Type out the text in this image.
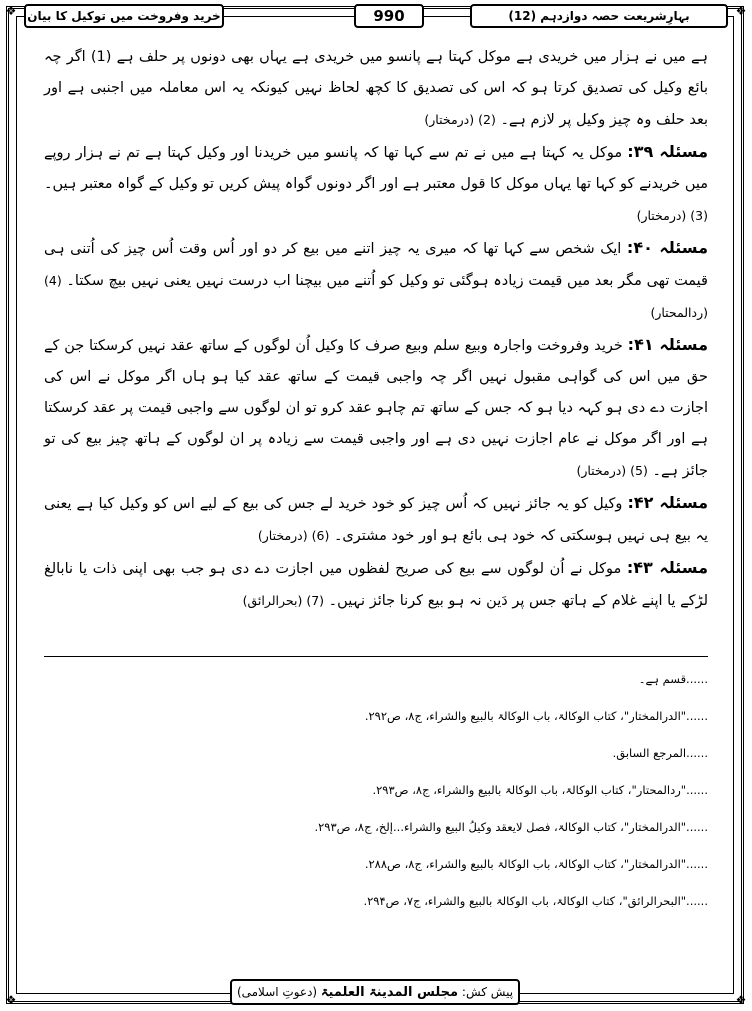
❖	❖
❖	❖
بہارِشریعت حصہ دوازدہم (12)
990
خرید وفروخت میں توکیل کا بیان

ہے میں نے ہزار میں خریدی ہے موکل کہتا ہے پانسو میں خریدی ہے یہاں بھی دونوں پر حلف ہے (1) اگر چہ بائع وکیل کی تصدیق کرتا ہو کہ اس کی تصدیق کا کچھ لحاظ نہیں کیونکہ یہ اس معاملہ میں اجنبی ہے اور بعد حلف وہ چیز وکیل پر لازم ہے۔ (2) (درمختار)

مسئلہ ۳۹: موکل یہ کہتا ہے میں نے تم سے کہا تھا کہ پانسو میں خریدنا اور وکیل کہتا ہے تم نے ہزار روپے میں خریدنے کو کہا تھا یہاں موکل کا قول معتبر ہے اور اگر دونوں گواہ پیش کریں تو وکیل کے گواہ معتبر ہیں۔ (3) (درمختار)

مسئلہ ۴۰: ایک شخص سے کہا تھا کہ میری یہ چیز اتنے میں بیع کر دو اور اُس وقت اُس چیز کی اُتنی ہی قیمت تھی مگر بعد میں قیمت زیادہ ہوگئی تو وکیل کو اُتنے میں بیچنا اب درست نہیں یعنی نہیں بیچ سکتا۔ (4) (ردالمحتار)

مسئلہ ۴۱: خرید وفروخت واجارہ وبیع سلم وبیع صرف کا وکیل اُن لوگوں کے ساتھ عقد نہیں کرسکتا جن کے حق میں اس کی گواہی مقبول نہیں اگر چہ واجبی قیمت کے ساتھ عقد کیا ہو ہاں اگر موکل نے اس کی اجازت دے دی ہو کہہ دیا ہو کہ جس کے ساتھ تم چاہو عقد کرو تو ان لوگوں سے واجبی قیمت پر عقد کرسکتا ہے اور اگر موکل نے عام اجازت نہیں دی ہے اور واجبی قیمت سے زیادہ پر ان لوگوں کے ہاتھ چیز بیع کی تو جائز ہے۔ (5) (درمختار)

مسئلہ ۴۲: وکیل کو یہ جائز نہیں کہ اُس چیز کو خود خرید لے جس کی بیع کے لیے اس کو وکیل کیا ہے یعنی یہ بیع ہی نہیں ہوسکتی کہ خود ہی بائع ہو اور خود مشتری۔ (6) (درمختار)

مسئلہ ۴۳: موکل نے اُن لوگوں سے بیع کی صریح لفظوں میں اجازت دے دی ہو جب بھی اپنی ذات یا نابالغ لڑکے یا اپنے غلام کے ہاتھ جس پر دَین نہ ہو بیع کرنا جائز نہیں۔ (7) (بحرالرائق)

......قسم ہے۔
......"الدرالمختار"، کتاب الوکالۃ، باب الوکالۃ بالبیع والشراء، ج۸، ص۲۹۲.
......المرجع السابق.
......"ردالمحتار"، کتاب الوکالۃ، باب الوکالۃ بالبیع والشراء، ج۸، ص۲۹۳.
......"الدرالمختار"، کتاب الوکالۃ، فصل لایعقد وکیلُ البیع والشراء...إلخ، ج۸، ص۲۹۳.
......"الدرالمختار"، کتاب الوکالۃ، باب الوکالۃ بالبیع والشراء، ج۸، ص۲۸۸.
......"البحرالرائق"، کتاب الوکالۃ، باب الوکالۃ بالبیع والشراء، ج۷، ص۲۹۴.
پیش کش: مجلس المدینۃ العلمیۃ (دعوتِ اسلامی)
